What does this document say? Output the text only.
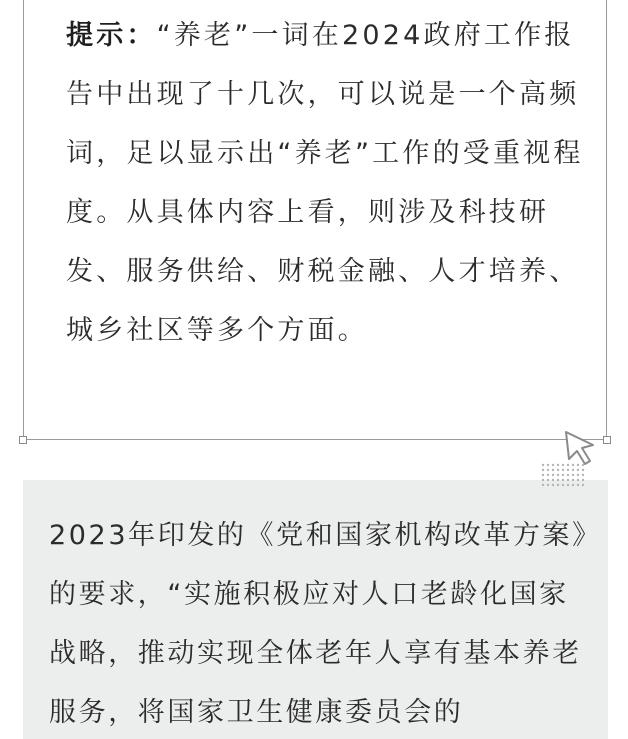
提示：“养老”一词在2024政府工作报告中出现了十几次，可以说是一个高频词，足以显示出“养老”工作的受重视程度。从具体内容上看，则涉及科技研发、服务供给、财税金融、人才培养、城乡社区等多个方面。

2023年印发的《党和国家机构改革方案》的要求，“实施积极应对人口老龄化国家战略，推动实现全体老年人享有基本养老服务，将国家卫生健康委员会的
